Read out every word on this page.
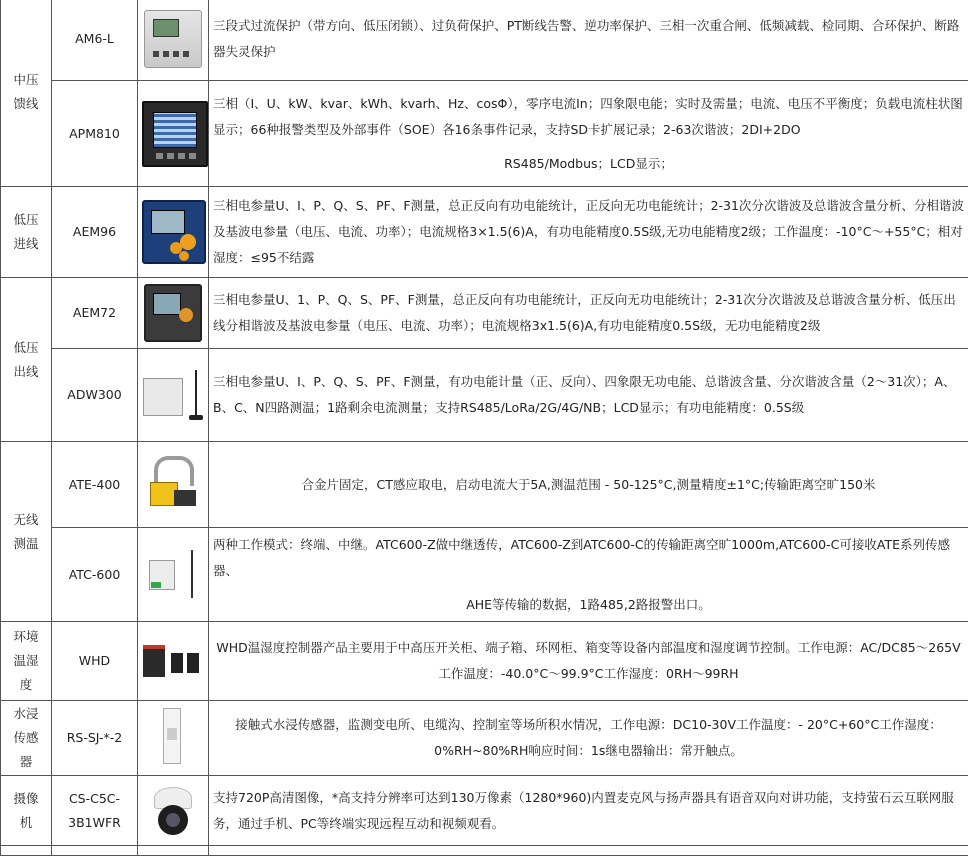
中压馈线	AM6-L		三段式过流保护（带方向、低压闭锁）、过负荷保护、PT断线告警、逆功率保护、三相一次重合闸、低频减载、检同期、合环保护、断路器失灵保护
	APM810		三相（I、U、kW、kvar、kWh、kvarh、Hz、cosΦ），零序电流In；四象限电能；实时及需量；电流、电压不平衡度；负载电流柱状图显示；66种报警类型及外部事件（SOE）各16条事件记录，支持SD卡扩展记录；2-63次谐波；2DI+2DO
RS485/Modbus；LCD显示；

低压进线	AEM96		三相电参量U、I、P、Q、S、PF、F测量，总正反向有功电能统计，正反向无功电能统计；2-31次分次谐波及总谐波含量分析、分相谐波及基波电参量（电压、电流、功率）；电流规格3×1.5(6)A，有功电能精度0.5S级,无功电能精度2级；工作温度：-10°C～+55°C；相对湿度：≤95不结露
低压出线	AEM72		三相电参量U、1、P、Q、S、PF、F测量，总正反向有功电能统计，正反向无功电能统计；2-31次分次谐波及总谐波含量分析、低压出线分相谐波及基波电参量（电压、电流、功率）；电流规格3x1.5(6)A,有功电能精度0.5S级，无功电能精度2级
	ADW300		三相电参量U、I、P、Q、S、PF、F测量，有功电能计量（正、反向）、四象限无功电能、总谐波含量、分次谐波含量（2～31次）；A、B、C、N四路测温；1路剩余电流测量；支持RS485/LoRa/2G/4G/NB；LCD显示；有功电能精度：0.5S级
无线测温	ATE-400		合金片固定，CT感应取电，启动电流大于5A,测温范围 - 50-125°C,测量精度±1°C;传输距离空旷150米
	ATC-600		两种工作模式：终端、中继。ATC600-Z做中继透传，ATC600-Z到ATC600-C的传输距离空旷1000m,ATC600-C可接收ATE系列传感器、
AHE等传输的数据，1路485,2路报警出口。

环境温湿度	WHD		WHD温湿度控制器产品主要用于中高压开关柜、端子箱、环网柜、箱变等设备内部温度和湿度调节控制。工作电源：AC/DC85～265V工作温度：-40.0°C～99.9°C工作湿度：0RH～99RH
水浸传感器	RS-SJ-*-2		接触式水浸传感器，监测变电所、电缆沟、控制室等场所积水情况，工作电源：DC10-30V工作温度：- 20°C+60°C工作湿度：0%RH~80%RH响应时间：1s继电器输出：常开触点。
摄像机	CS-C5C-3B1WFR		支持720P高清图像，*高支持分辨率可达到130万像素（1280*960)内置麦克风与扬声器具有语音双向对讲功能，支持萤石云互联网服务，通过手机、PC等终端实现远程互动和视频观看。
